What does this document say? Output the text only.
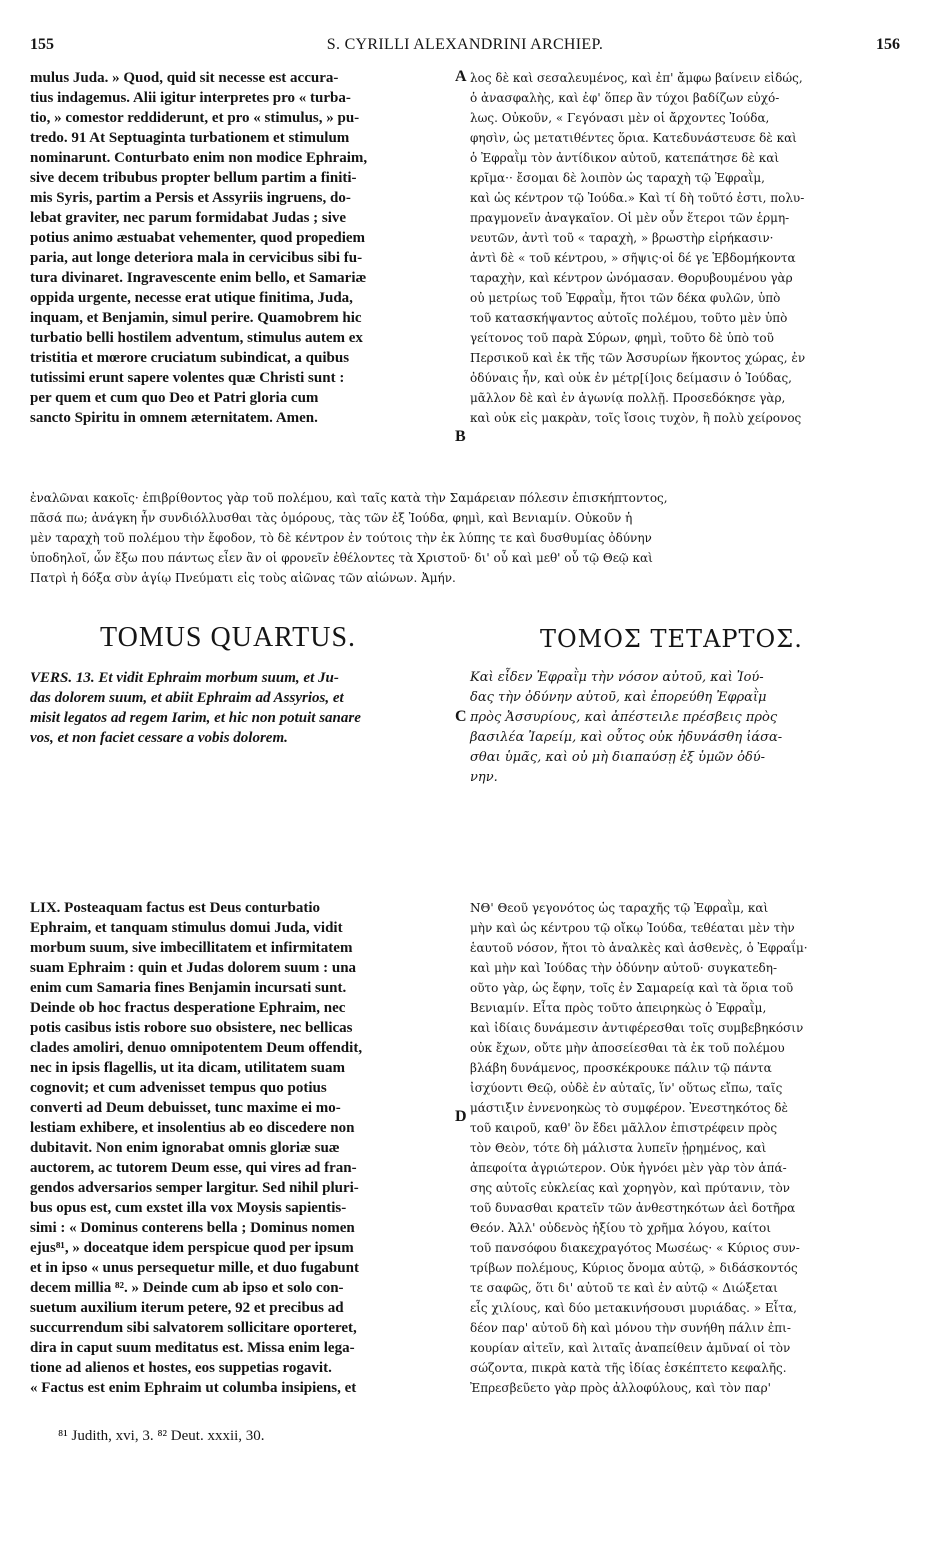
155	S. CYRILLI ALEXANDRINI ARCHIEP.	156
mulus Juda. » Quod, quid sit necesse est accura-
tius indagemus. Alii igitur interpretes pro « turba-
tio, » comestor reddiderunt, et pro « stimulus, » pu-
tredo. 91 At Septuaginta turbationem et stimulum
nominarunt. Conturbato enim non modice Ephraim,
sive decem tribubus propter bellum partim a finiti-
mis Syris, partim a Persis et Assyriis ingruens, do-
lebat graviter, nec parum formidabat Judas ; sive
potius animo æstuabat vehementer, quod propediem
paria, aut longe deteriora mala in cervicibus sibi fu-
tura divinaret. Ingravescente enim bello, et Samariæ
oppida urgente, necesse erat utique finitima, Juda,
inquam, et Benjamin, simul perire. Quamobrem hic
turbatio belli hostilem adventum, stimulus autem ex
tristitia et mœrore cruciatum subindicat, a quibus
tutissimi erunt sapere volentes quæ Christi sunt :
per quem et cum quo Deo et Patri gloria cum
sancto Spiritu in omnem æternitatem. Amen.
A λος δὲ καὶ σεσαλευμένος, καὶ ἐπ' ἄμφω βαίνειν εἰδώς,
ὁ ἀνασφαλὴς, καὶ ἐφ' ὅπερ ἂν τύχοι βαδίζων εὐχό-
λως. Οὐκοῦν, « Γεγόνασι μὲν οἱ ἄρχοντες Ἰούδα,
φησὶν, ὡς μετατιθέντες ὅρια. Κατεδυνάστευσε δὲ καὶ
ὁ Ἐφραῒμ τὸν ἀντίδικον αὐτοῦ, κατεπάτησε δὲ καὶ
κρῖμα·· ἔσομαι δὲ λοιπὸν ὡς ταραχὴ τῷ Ἐφραῒμ,
καὶ ὡς κέντρον τῷ Ἰούδα.» Καὶ τί δὴ τοῦτό ἐστι, πολυ-
πραγμονεῖν ἀναγκαῖον. Οἱ μὲν οὖν ἕτεροι τῶν ἑρμη-
νευτῶν, ἀντὶ τοῦ « ταραχὴ, » βρωστὴρ εἰρήκασιν·
ἀντὶ δὲ « τοῦ κέντρου, » σῆψις·οἱ δέ γε Ἑβδομήκοντα
ταραχὴν, καὶ κέντρον ὠνόμασαν. Θορυβουμένου γὰρ
οὐ μετρίως τοῦ Ἐφραῒμ, ἤτοι τῶν δέκα φυλῶν, ὑπὸ
τοῦ κατασκήψαντος αὐτοῖς πολέμου, τοῦτο μὲν ὑπὸ
γείτονος τοῦ παρὰ Σύρων, φημὶ, τοῦτο δὲ ὑπὸ τοῦ
Περσικοῦ καὶ ἐκ τῆς τῶν Ἀσσυρίων ἥκοντος χώρας, ἐν
ὀδύναις ἦν, καὶ οὐκ ἐν μέτρ[ί]οις δείμασιν ὁ Ἰούδας,
μᾶλλον δὲ καὶ ἐν ἀγωνίᾳ πολλῇ. Προσεδόκησε γὰρ,
καὶ οὐκ εἰς μακρὰν, τοῖς ἴσοις τυχὸν, ἢ πολὺ χείρονος
B
ἐναλῶναι κακοῖς· ἐπιβρίθοντος γὰρ τοῦ πολέμου, καὶ ταῖς κατὰ τὴν Σαμάρειαν πόλεσιν ἐπισκήπτοντος,
πᾶσά πω; ἀνάγκη ἦν συνδιόλλυσθαι τὰς ὁμόρους, τὰς τῶν ἐξ Ἰούδα, φημὶ, καὶ Βενιαμίν. Οὐκοῦν ἡ
μὲν ταραχὴ τοῦ πολέμου τὴν ἔφοδον, τὸ δὲ κέντρον ἐν τούτοις τὴν ἐκ λύπης τε καὶ δυσθυμίας ὀδύνην
ὑποδηλοῖ, ὧν ἔξω που πάντως εἶεν ἂν οἱ φρονεῖν ἐθέλοντες τὰ Χριστοῦ· δι' οὗ καὶ μεθ' οὗ τῷ Θεῷ καὶ
Πατρὶ ἡ δόξα σὺν ἁγίῳ Πνεύματι εἰς τοὺς αἰῶνας τῶν αἰώνων. Ἀμήν.
TOMUS QUARTUS.	ΤΟΜΟΣ ΤΕΤΑΡΤΟΣ.
VERS. 13. Et vidit Ephraim morbum suum, et Ju-
das dolorem suum, et abiit Ephraim ad Assyrios, et
misit legatos ad regem Iarim, et hic non potuit sanare
vos, et non faciet cessare a vobis dolorem.
C
Καὶ εἶδεν Ἐφραῒμ τὴν νόσον αὐτοῦ, καὶ Ἰού-
δας τὴν ὀδύνην αὐτοῦ, καὶ ἐπορεύθη Ἐφραῒμ
πρὸς Ἀσσυρίους, καὶ ἀπέστειλε πρέσβεις πρὸς
βασιλέα Ἰαρείμ, καὶ οὗτος οὐκ ἠδυνάσθη ἰάσα-
σθαι ὑμᾶς, καὶ οὐ μὴ διαπαύσῃ ἐξ ὑμῶν ὀδύ-
νην.
LIX. Posteaquam factus est Deus conturbatio
Ephraim, et tanquam stimulus domui Juda, vidit
morbum suum, sive imbecillitatem et infirmitatem
suam Ephraim : quin et Judas dolorem suum : una
enim cum Samaria fines Benjamin incursati sunt.
Deinde ob hoc fractus desperatione Ephraim, nec
potis casibus istis robore suo obsistere, nec bellicas
clades amoliri, denuo omnipotentem Deum offendit,
nec in ipsis flagellis, ut ita dicam, utilitatem suam
cognovit; et cum advenisset tempus quo potius
converti ad Deum debuisset, tunc maxime ei mo-
lestiam exhibere, et insolentius ab eo discedere non
dubitavit. Non enim ignorabat omnis gloriæ suæ
auctorem, ac tutorem Deum esse, qui vires ad fran-
gendos adversarios semper largitur. Sed nihil pluri-
bus opus est, cum exstet illa vox Moysis sapientis-
simi : « Dominus conterens bella ; Dominus nomen
ejus⁸¹, » doceatque idem perspicue quod per ipsum
et in ipso « unus persequetur mille, et duo fugabunt
decem millia ⁸². » Deinde cum ab ipso et solo con-
suetum auxilium iterum petere, 92 et precibus ad
succurrendum sibi salvatorem sollicitare oporteret,
dira in caput suum meditatus est. Missa enim lega-
tione ad alienos et hostes, eos suppetias rogavit.
« Factus est enim Ephraim ut columba insipiens, et
D
ΝΘ' Θεοῦ γεγονότος ὡς ταραχῆς τῷ Ἐφραῒμ, καὶ
μὴν καὶ ὡς κέντρου τῷ οἴκῳ Ἰούδα, τεθέαται μὲν τὴν
ἑαυτοῦ νόσον, ἤτοι τὸ ἀναλκὲς καὶ ἀσθενὲς, ὁ Ἐφραΐμ·
καὶ μὴν καὶ Ἰούδας τὴν ὀδύνην αὐτοῦ· συγκατεδη-
οῦτο γὰρ, ὡς ἔφην, τοῖς ἐν Σαμαρείᾳ καὶ τὰ ὅρια τοῦ
Βενιαμίν. Εἶτα πρὸς τοῦτο ἀπειρηκὼς ὁ Ἐφραῒμ,
καὶ ἰδίαις δυνάμεσιν ἀντιφέρεσθαι τοῖς συμβεβηκόσιν
οὐκ ἔχων, οὔτε μὴν ἀποσείεσθαι τὰ ἐκ τοῦ πολέμου
βλάβη δυνάμενος, προσκέκρουκε πάλιν τῷ πάντα
ἰσχύοντι Θεῷ, οὐδὲ ἐν αὐταῖς, ἵν' οὕτως εἴπω, ταῖς
μάστιξιν ἐννενοηκὼς τὸ συμφέρον. Ἐνεστηκότος δὲ
τοῦ καιροῦ, καθ' ὃν ἔδει μᾶλλον ἐπιστρέφειν πρὸς
τὸν Θεὸν, τότε δὴ μάλιστα λυπεῖν ᾑρημένος, καὶ
ἀπεφοίτα ἀγριώτερον. Οὐκ ἠγνόει μὲν γὰρ τὸν ἁπά-
σης αὐτοῖς εὐκλείας καὶ χορηγὸν, καὶ πρύτανιν, τὸν
τοῦ δυνασθαι κρατεῖν τῶν ἀνθεστηκότων ἀεὶ δοτῆρα
Θεόν. Ἀλλ' οὐδενὸς ἠξίου τὸ χρῆμα λόγου, καίτοι
τοῦ πανσόφου διακεχραγότος Μωσέως· « Κύριος συν-
τρίβων πολέμους, Κύριος ὄνομα αὐτῷ, » διδάσκοντός
τε σαφῶς, ὅτι δι' αὐτοῦ τε καὶ ἐν αὐτῷ « Διώξεται
εἷς χιλίους, καὶ δύο μετακινήσουσι μυριάδας. » Εἶτα,
δέον παρ' αὐτοῦ δὴ καὶ μόνου τὴν συνήθη πάλιν ἐπι-
κουρίαν αἰτεῖν, καὶ λιταῖς ἀναπείθειν ἀμῦναί οἱ τὸν
σώζοντα, πικρὰ κατὰ τῆς ἰδίας ἐσκέπτετο κεφαλῆς.
Ἐπρεσβεῦετο γὰρ πρὸς ἀλλοφύλους, καὶ τὸν παρ'
⁸¹ Judith, xvi, 3. ⁸² Deut. xxxii, 30.
